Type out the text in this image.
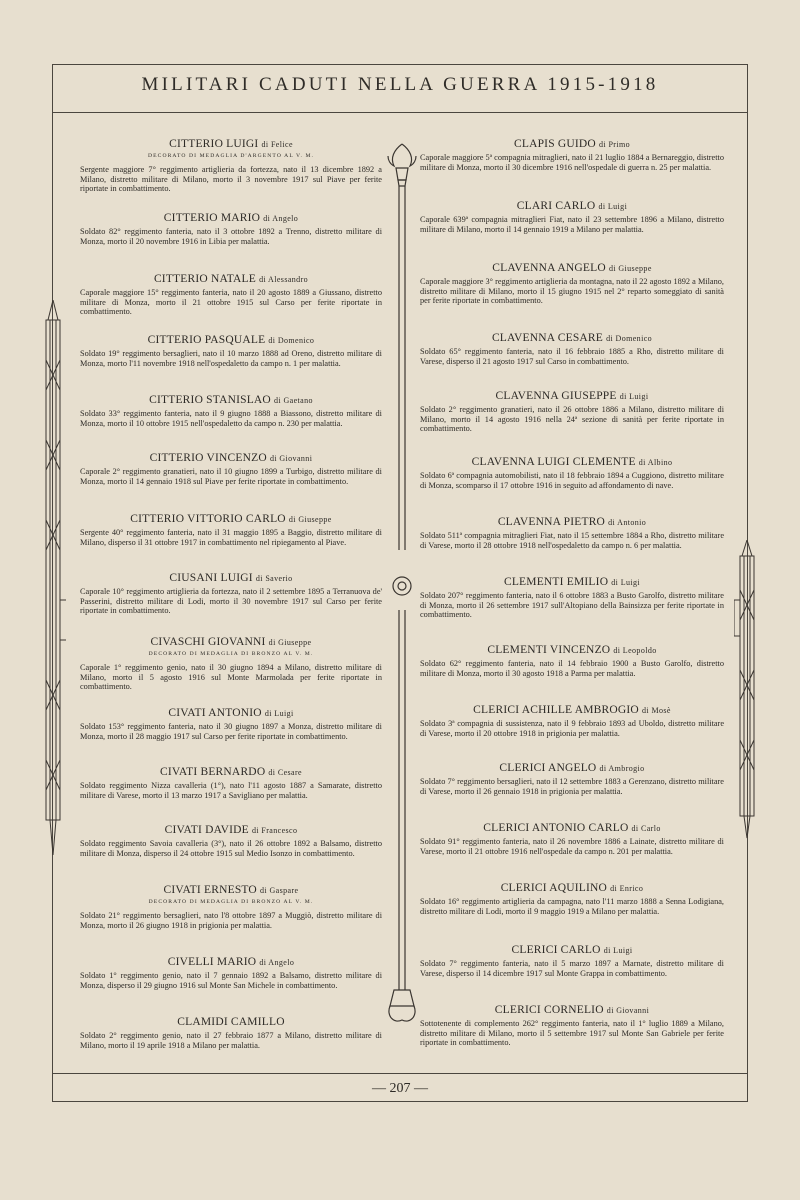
MILITARI CADUTI NELLA GUERRA 1915-1918
CITTERIO LUIGI di Felice
DECORATO DI MEDAGLIA D'ARGENTO AL V. M.
Sergente maggiore 7° reggimento artiglieria da fortezza, nato il 13 dicembre 1892 a Milano, distretto militare di Milano, morto il 3 novembre 1917 sul Piave per ferite riportate in combattimento.
CITTERIO MARIO di Angelo
Soldato 82° reggimento fanteria, nato il 3 ottobre 1892 a Trenno, distretto militare di Monza, morto il 20 novembre 1916 in Libia per malattia.
CITTERIO NATALE di Alessandro
Caporale maggiore 15° reggimento fanteria, nato il 20 agosto 1889 a Giussano, distretto militare di Monza, morto il 21 ottobre 1915 sul Carso per ferite riportate in combattimento.
CITTERIO PASQUALE di Domenico
Soldato 19° reggimento bersaglieri, nato il 10 marzo 1888 ad Oreno, distretto militare di Monza, morto l'11 novembre 1918 nell'ospedaletto da campo n. 1 per malattia.
CITTERIO STANISLAO di Gaetano
Soldato 33° reggimento fanteria, nato il 9 giugno 1888 a Biassono, distretto militare di Monza, morto il 10 ottobre 1915 nell'ospedaletto da campo n. 230 per malattia.
CITTERIO VINCENZO di Giovanni
Caporale 2° reggimento granatieri, nato il 10 giugno 1899 a Turbigo, distretto militare di Monza, morto il 14 gennaio 1918 sul Piave per ferite riportate in combattimento.
CITTERIO VITTORIO CARLO di Giuseppe
Sergente 40° reggimento fanteria, nato il 31 maggio 1895 a Baggio, distretto militare di Milano, disperso il 31 ottobre 1917 in combattimento nel ripiegamento al Piave.
CIUSANI LUIGI di Saverio
Caporale 10° reggimento artiglieria da fortezza, nato il 2 settembre 1895 a Terranuova de' Passerini, distretto militare di Lodi, morto il 30 novembre 1917 sul Carso per ferite riportate in combattimento.
CIVASCHI GIOVANNI di Giuseppe
DECORATO DI MEDAGLIA DI BRONZO AL V. M.
Caporale 1° reggimento genio, nato il 30 giugno 1894 a Milano, distretto militare di Milano, morto il 5 agosto 1916 sul Monte Marmolada per ferite riportate in combattimento.
CIVATI ANTONIO di Luigi
Soldato 153° reggimento fanteria, nato il 30 giugno 1897 a Monza, distretto militare di Monza, morto il 28 maggio 1917 sul Carso per ferite riportate in combattimento.
CIVATI BERNARDO di Cesare
Soldato reggimento Nizza cavalleria (1°), nato l'11 agosto 1887 a Samarate, distretto militare di Varese, morto il 13 marzo 1917 a Savigliano per malattia.
CIVATI DAVIDE di Francesco
Soldato reggimento Savoia cavalleria (3°), nato il 26 ottobre 1892 a Balsamo, distretto militare di Monza, disperso il 24 ottobre 1915 sul Medio Isonzo in combattimento.
CIVATI ERNESTO di Gaspare
DECORATO DI MEDAGLIA DI BRONZO AL V. M.
Soldato 21° reggimento bersaglieri, nato l'8 ottobre 1897 a Muggiò, distretto militare di Monza, morto il 26 giugno 1918 in prigionia per malattia.
CIVELLI MARIO di Angelo
Soldato 1° reggimento genio, nato il 7 gennaio 1892 a Balsamo, distretto militare di Monza, disperso il 29 giugno 1916 sul Monte San Michele in combattimento.
CLAMIDI CAMILLO
Soldato 2° reggimento genio, nato il 27 febbraio 1877 a Milano, distretto militare di Milano, morto il 19 aprile 1918 a Milano per malattia.
CLAPIS GUIDO di Primo
Caporale maggiore 5ª compagnia mitraglieri, nato il 21 luglio 1884 a Bernareggio, distretto militare di Monza, morto il 30 dicembre 1916 nell'ospedale di guerra n. 25 per malattia.
CLARI CARLO di Luigi
Caporale 639ª compagnia mitraglieri Fiat, nato il 23 settembre 1896 a Milano, distretto militare di Milano, morto il 14 gennaio 1919 a Milano per malattia.
CLAVENNA ANGELO di Giuseppe
Caporale maggiore 3° reggimento artiglieria da montagna, nato il 22 agosto 1892 a Milano, distretto militare di Milano, morto il 15 giugno 1915 nel 2° reparto someggiato di sanità per ferite riportate in combattimento.
CLAVENNA CESARE di Domenico
Soldato 65° reggimento fanteria, nato il 16 febbraio 1885 a Rho, distretto militare di Varese, disperso il 21 agosto 1917 sul Carso in combattimento.
CLAVENNA GIUSEPPE di Luigi
Soldato 2° reggimento granatieri, nato il 26 ottobre 1886 a Milano, distretto militare di Milano, morto il 14 agosto 1916 nella 24ª sezione di sanità per ferite riportate in combattimento.
CLAVENNA LUIGI CLEMENTE di Albino
Soldato 6ª compagnia automobilisti, nato il 18 febbraio 1894 a Cuggiono, distretto militare di Monza, scomparso il 17 ottobre 1916 in seguito ad affondamento di nave.
CLAVENNA PIETRO di Antonio
Soldato 511ª compagnia mitraglieri Fiat, nato il 15 settembre 1884 a Rho, distretto militare di Varese, morto il 28 ottobre 1918 nell'ospedaletto da campo n. 6 per malattia.
CLEMENTI EMILIO di Luigi
Soldato 207° reggimento fanteria, nato il 6 ottobre 1883 a Busto Garolfo, distretto militare di Monza, morto il 26 settembre 1917 sull'Altopiano della Bainsizza per ferite riportate in combattimento.
CLEMENTI VINCENZO di Leopoldo
Soldato 62° reggimento fanteria, nato il 14 febbraio 1900 a Busto Garolfo, distretto militare di Monza, morto il 30 agosto 1918 a Parma per malattia.
CLERICI ACHILLE AMBROGIO di Mosè
Soldato 3ª compagnia di sussistenza, nato il 9 febbraio 1893 ad Uboldo, distretto militare di Varese, morto il 20 ottobre 1918 in prigionia per malattia.
CLERICI ANGELO di Ambrogio
Soldato 7° reggimento bersaglieri, nato il 12 settembre 1883 a Gerenzano, distretto militare di Varese, morto il 26 gennaio 1918 in prigionia per malattia.
CLERICI ANTONIO CARLO di Carlo
Soldato 91° reggimento fanteria, nato il 26 novembre 1886 a Lainate, distretto militare di Varese, morto il 21 ottobre 1916 nell'ospedale da campo n. 201 per malattia.
CLERICI AQUILINO di Enrico
Soldato 16° reggimento artiglieria da campagna, nato l'11 marzo 1888 a Senna Lodigiana, distretto militare di Lodi, morto il 9 maggio 1919 a Milano per malattia.
CLERICI CARLO di Luigi
Soldato 7° reggimento fanteria, nato il 5 marzo 1897 a Marnate, distretto militare di Varese, disperso il 14 dicembre 1917 sul Monte Grappa in combattimento.
CLERICI CORNELIO di Giovanni
Sottotenente di complemento 262° reggimento fanteria, nato il 1° luglio 1889 a Milano, distretto militare di Milano, morto il 5 settembre 1917 sul Monte San Gabriele per ferite riportate in combattimento.
— 207 —
